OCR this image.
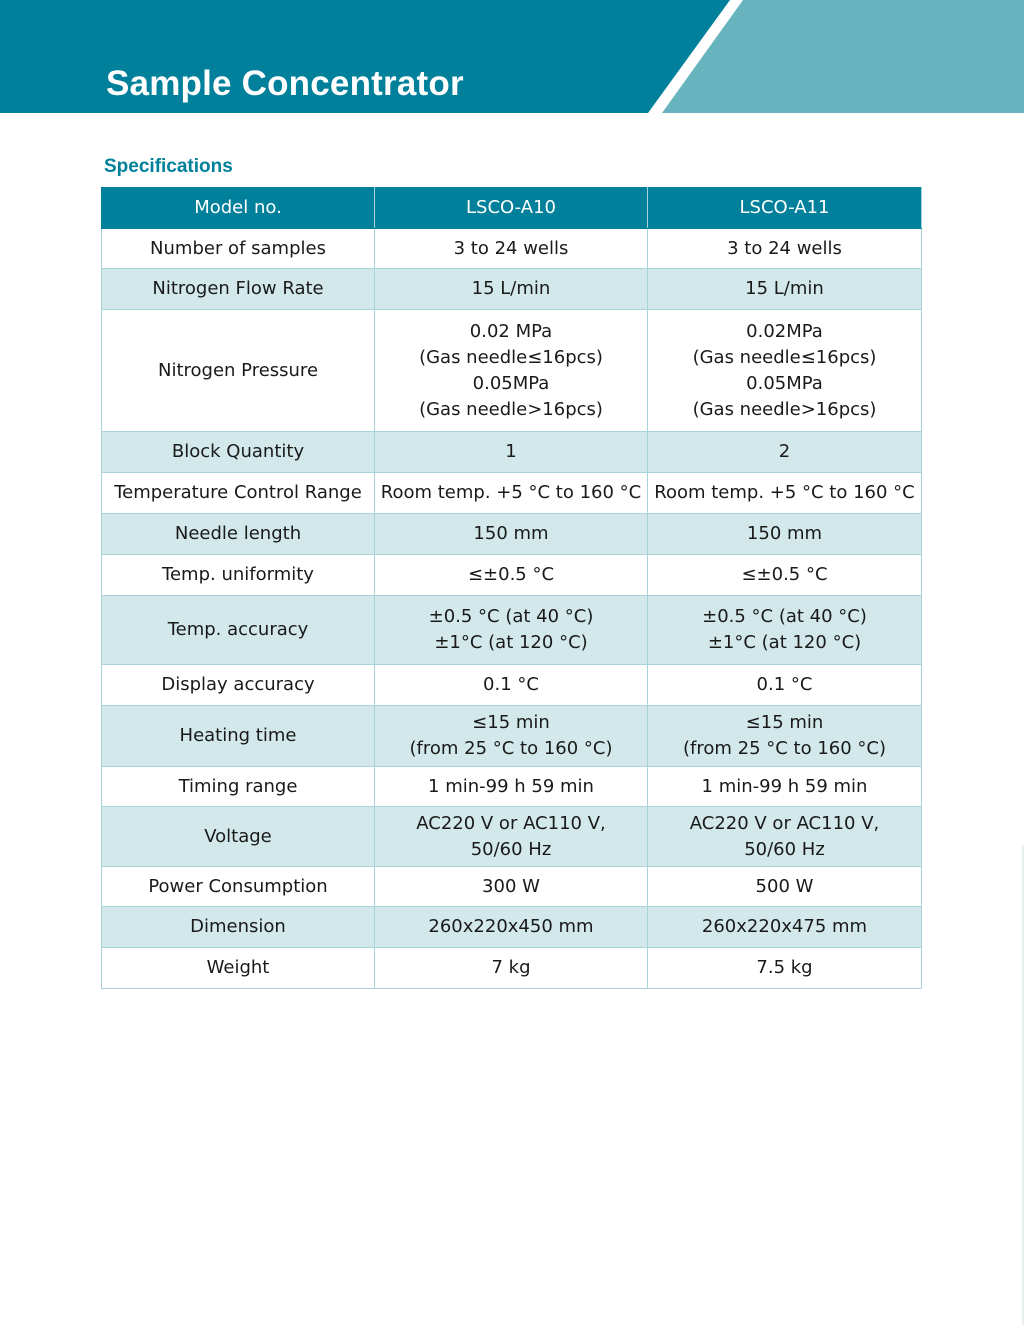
Sample Concentrator
Specifications
Model no.	LSCO-A10	LSCO-A11
Number of samples	3 to 24 wells	3 to 24 wells

Nitrogen Flow Rate	15 L/min	15 L/min

Nitrogen Pressure	0.02 MPa
(Gas needle≤16pcs)
0.05MPa
(Gas needle>16pcs)	0.02MPa
(Gas needle≤16pcs)
0.05MPa
(Gas needle>16pcs)

Block Quantity	1	2

Temperature Control Range	Room temp. +5 °C to 160 °C	Room temp. +5 °C to 160 °C

Needle length	150 mm	150 mm

Temp. uniformity	≤±0.5 °C	≤±0.5 °C

Temp. accuracy	±0.5 °C (at 40 °C)
±1°C (at 120 °C)	±0.5 °C (at 40 °C)
±1°C (at 120 °C)

Display accuracy	0.1 °C	0.1 °C

Heating time	≤15 min
(from 25 °C to 160 °C)	≤15 min
(from 25 °C to 160 °C)

Timing range	1 min-99 h 59 min	1 min-99 h 59 min

Voltage	AC220 V or AC110 V,
50/60 Hz	AC220 V or AC110 V,
50/60 Hz

Power Consumption	300 W	500 W

Dimension	260x220x450 mm	260x220x475 mm

Weight	7 kg	7.5 kg
